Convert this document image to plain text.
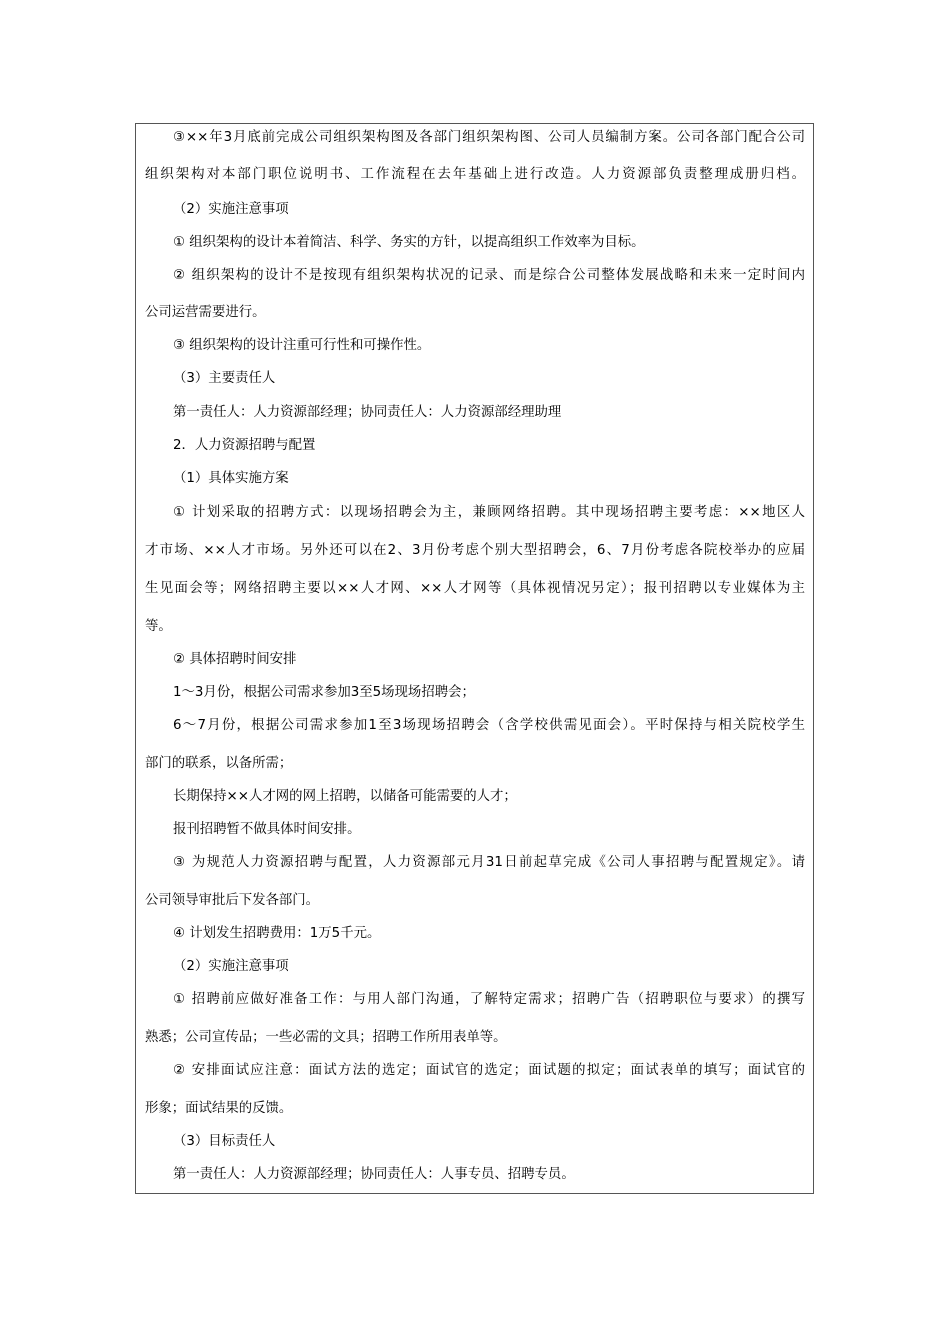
③××年3月底前完成公司组织架构图及各部门组织架构图、公司人员编制方案。公司各部门配合公司
组织架构对本部门职位说明书、工作流程在去年基础上进行改造。人力资源部负责整理成册归档。
（2）实施注意事项
① 组织架构的设计本着简洁、科学、务实的方针，以提高组织工作效率为目标。
② 组织架构的设计不是按现有组织架构状况的记录、而是综合公司整体发展战略和未来一定时间内
公司运营需要进行。
③ 组织架构的设计注重可行性和可操作性。
（3）主要责任人
第一责任人：人力资源部经理；协同责任人：人力资源部经理助理
2．人力资源招聘与配置
（1）具体实施方案
① 计划采取的招聘方式：以现场招聘会为主，兼顾网络招聘。其中现场招聘主要考虑：××地区人
才市场、××人才市场。另外还可以在2、3月份考虑个别大型招聘会，6、7月份考虑各院校举办的应届
生见面会等；网络招聘主要以××人才网、××人才网等（具体视情况另定）；报刊招聘以专业媒体为主
等。
② 具体招聘时间安排
1～3月份，根据公司需求参加3至5场现场招聘会；
6～7月份，根据公司需求参加1至3场现场招聘会（含学校供需见面会）。平时保持与相关院校学生
部门的联系，以备所需；
长期保持××人才网的网上招聘，以储备可能需要的人才；
报刊招聘暂不做具体时间安排。
③ 为规范人力资源招聘与配置，人力资源部元月31日前起草完成《公司人事招聘与配置规定》。请
公司领导审批后下发各部门。
④ 计划发生招聘费用：1万5千元。
（2）实施注意事项
① 招聘前应做好准备工作：与用人部门沟通，了解特定需求；招聘广告（招聘职位与要求）的撰写
熟悉；公司宣传品；一些必需的文具；招聘工作所用表单等。
② 安排面试应注意：面试方法的选定；面试官的选定；面试题的拟定；面试表单的填写；面试官的
形象；面试结果的反馈。
（3）目标责任人
第一责任人：人力资源部经理；协同责任人：人事专员、招聘专员。
